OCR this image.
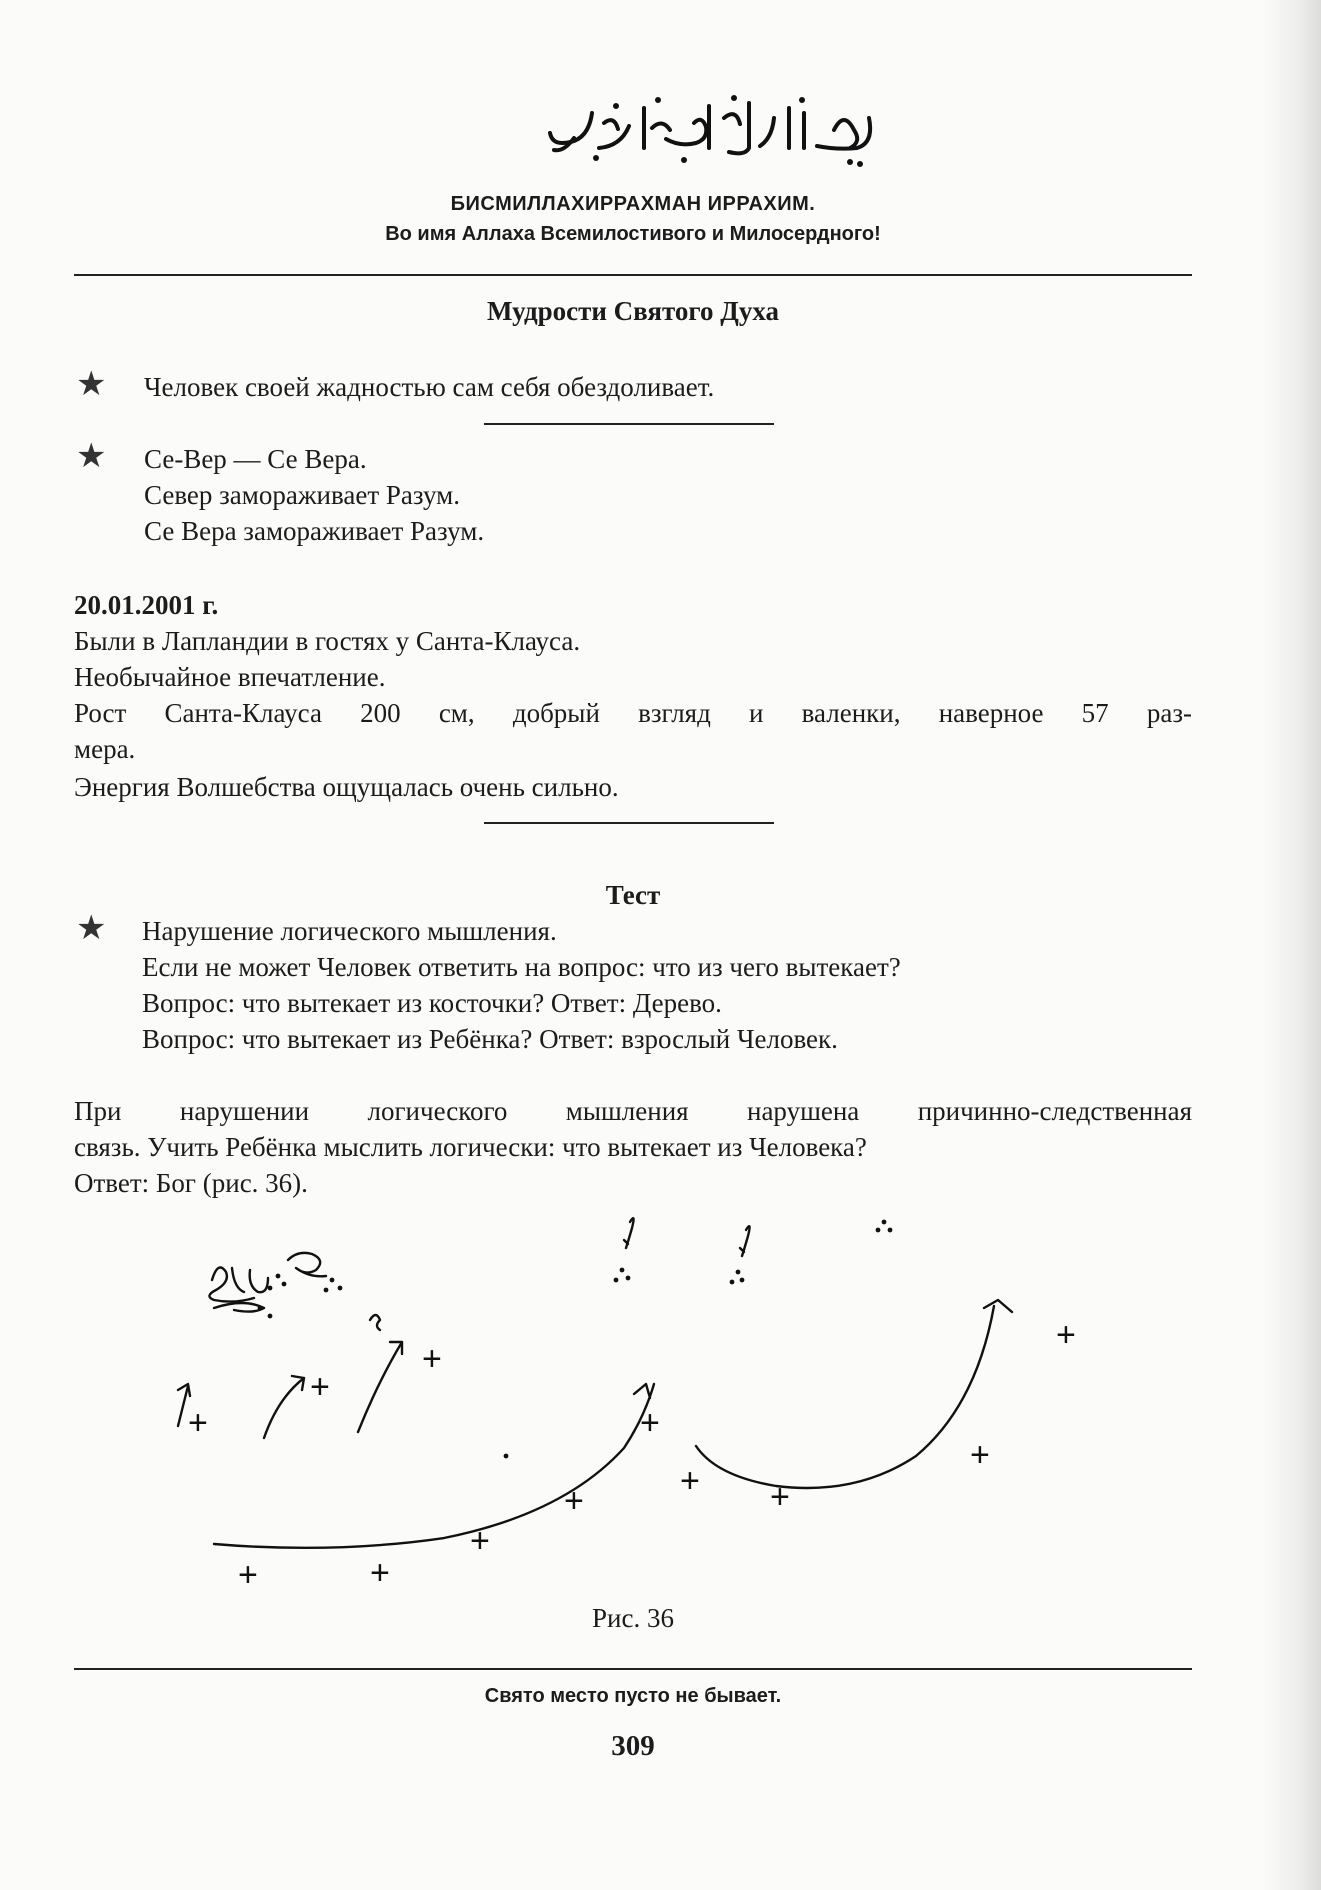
بِسْمِ اللَّهِ الرَّحْمَٰنِ الرَّحِيمِ
БИСМИЛЛАХИРРАХМАН ИРРАХИМ.
Во имя Аллаха Всемилостивого и Милосердного!
Мудрости Святого Духа
★ Человек своей жадностью сам себя обездоливает.
★ Се-Вер — Се Вера.
Север замораживает Разум.
Се Вера замораживает Разум.
20.01.2001 г.
Были в Лапландии в гостях у Санта-Клауса.
Необычайное впечатление.
Рост Санта-Клауса 200 см, добрый взгляд и валенки, наверное 57 раз-
мера.
Энергия Волшебства ощущалась очень сильно.
Тест
★ Нарушение логического мышления.
Если не может Человек ответить на вопрос: что из чего вытекает?
Вопрос: что вытекает из косточки? Ответ: Дерево.
Вопрос: что вытекает из Ребёнка? Ответ: взрослый Человек.
При нарушении логического мышления нарушена причинно-следственная
связь. Учить Ребёнка мыслить логически: что вытекает из Человека?
Ответ: Бог (рис. 36).
+
+
+
+
+
+
+
+
+ +
+
+
Рис. 36
Свято место пусто не бывает.
309
